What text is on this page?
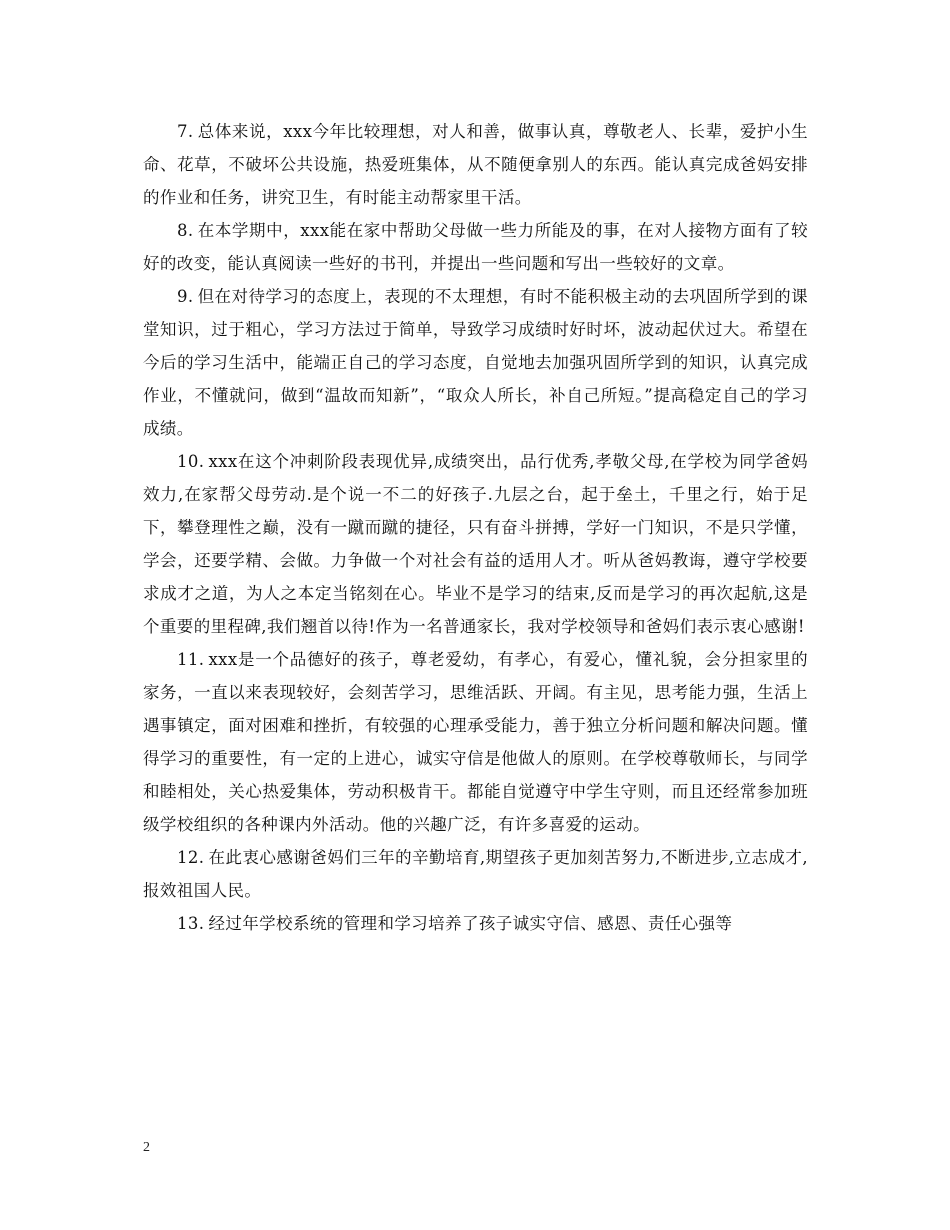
7. 总体来说，xxx今年比较理想，对人和善，做事认真，尊敬老人、长辈，爱护小生命、花草，不破坏公共设施，热爱班集体，从不随便拿别人的东西。能认真完成爸妈安排的作业和任务，讲究卫生，有时能主动帮家里干活。

8. 在本学期中，xxx能在家中帮助父母做一些力所能及的事，在对人接物方面有了较好的改变，能认真阅读一些好的书刊，并提出一些问题和写出一些较好的文章。

9. 但在对待学习的态度上，表现的不太理想，有时不能积极主动的去巩固所学到的课堂知识，过于粗心，学习方法过于简单，导致学习成绩时好时坏，波动起伏过大。希望在今后的学习生活中，能端正自己的学习态度，自觉地去加强巩固所学到的知识，认真完成作业，不懂就问，做到“温故而知新”，“取众人所长，补自己所短。”提高稳定自己的学习成绩。

10. xxx在这个冲刺阶段表现优异,成绩突出，品行优秀,孝敬父母,在学校为同学爸妈效力,在家帮父母劳动.是个说一不二的好孩子.九层之台，起于垒土，千里之行，始于足下，攀登理性之巅，没有一蹴而蹴的捷径，只有奋斗拼搏，学好一门知识，不是只学懂，学会，还要学精、会做。力争做一个对社会有益的适用人才。听从爸妈教诲，遵守学校要求成才之道，为人之本定当铭刻在心。毕业不是学习的结束,反而是学习的再次起航,这是个重要的里程碑,我们翘首以待!作为一名普通家长，我对学校领导和爸妈们表示衷心感谢!

11. xxx是一个品德好的孩子，尊老爱幼，有孝心，有爱心，懂礼貌，会分担家里的家务，一直以来表现较好，会刻苦学习，思维活跃、开阔。有主见，思考能力强，生活上遇事镇定，面对困难和挫折，有较强的心理承受能力，善于独立分析问题和解决问题。懂得学习的重要性，有一定的上进心，诚实守信是他做人的原则。在学校尊敬师长，与同学和睦相处，关心热爱集体，劳动积极肯干。都能自觉遵守中学生守则，而且还经常参加班级学校组织的各种课内外活动。他的兴趣广泛，有许多喜爱的运动。

12. 在此衷心感谢爸妈们三年的辛勤培育,期望孩子更加刻苦努力,不断进步,立志成才,报效祖国人民。

13. 经过年学校系统的管理和学习培养了孩子诚实守信、感恩、责任心强等

2
